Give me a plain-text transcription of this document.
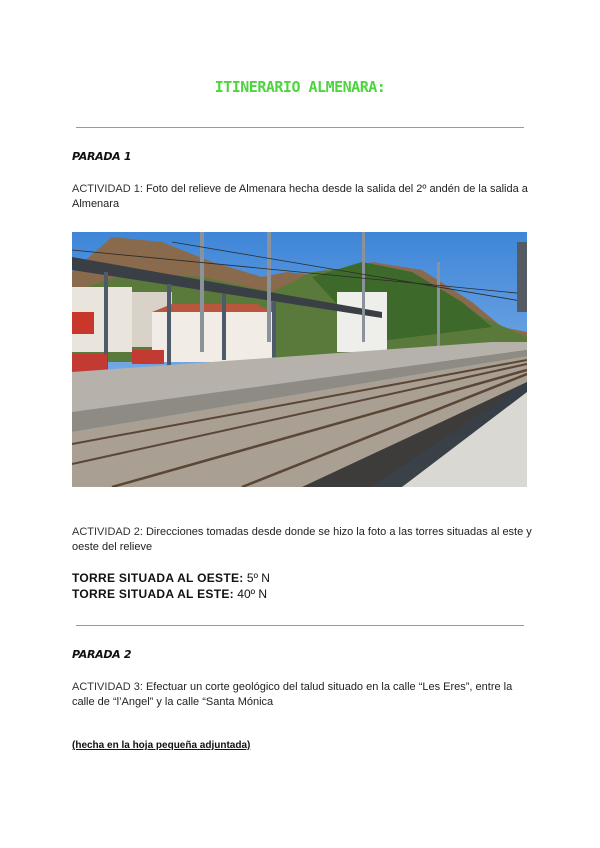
ITINERARIO ALMENARA:
PARADA 1
ACTIVIDAD 1: Foto del relieve de Almenara hecha desde la salida del 2º andén de la salida a Almenara
ACTIVIDAD 2: Direcciones tomadas desde donde se hizo la foto a las torres situadas al este y oeste del relieve
TORRE SITUADA AL OESTE: 5º N
TORRE SITUADA AL ESTE: 40º N
PARADA 2
ACTIVIDAD 3: Efectuar un corte geológico del talud situado en la calle “Les Eres”, entre la calle de “l’Angel” y la calle “Santa Mónica
(hecha en la hoja pequeña adjuntada)
